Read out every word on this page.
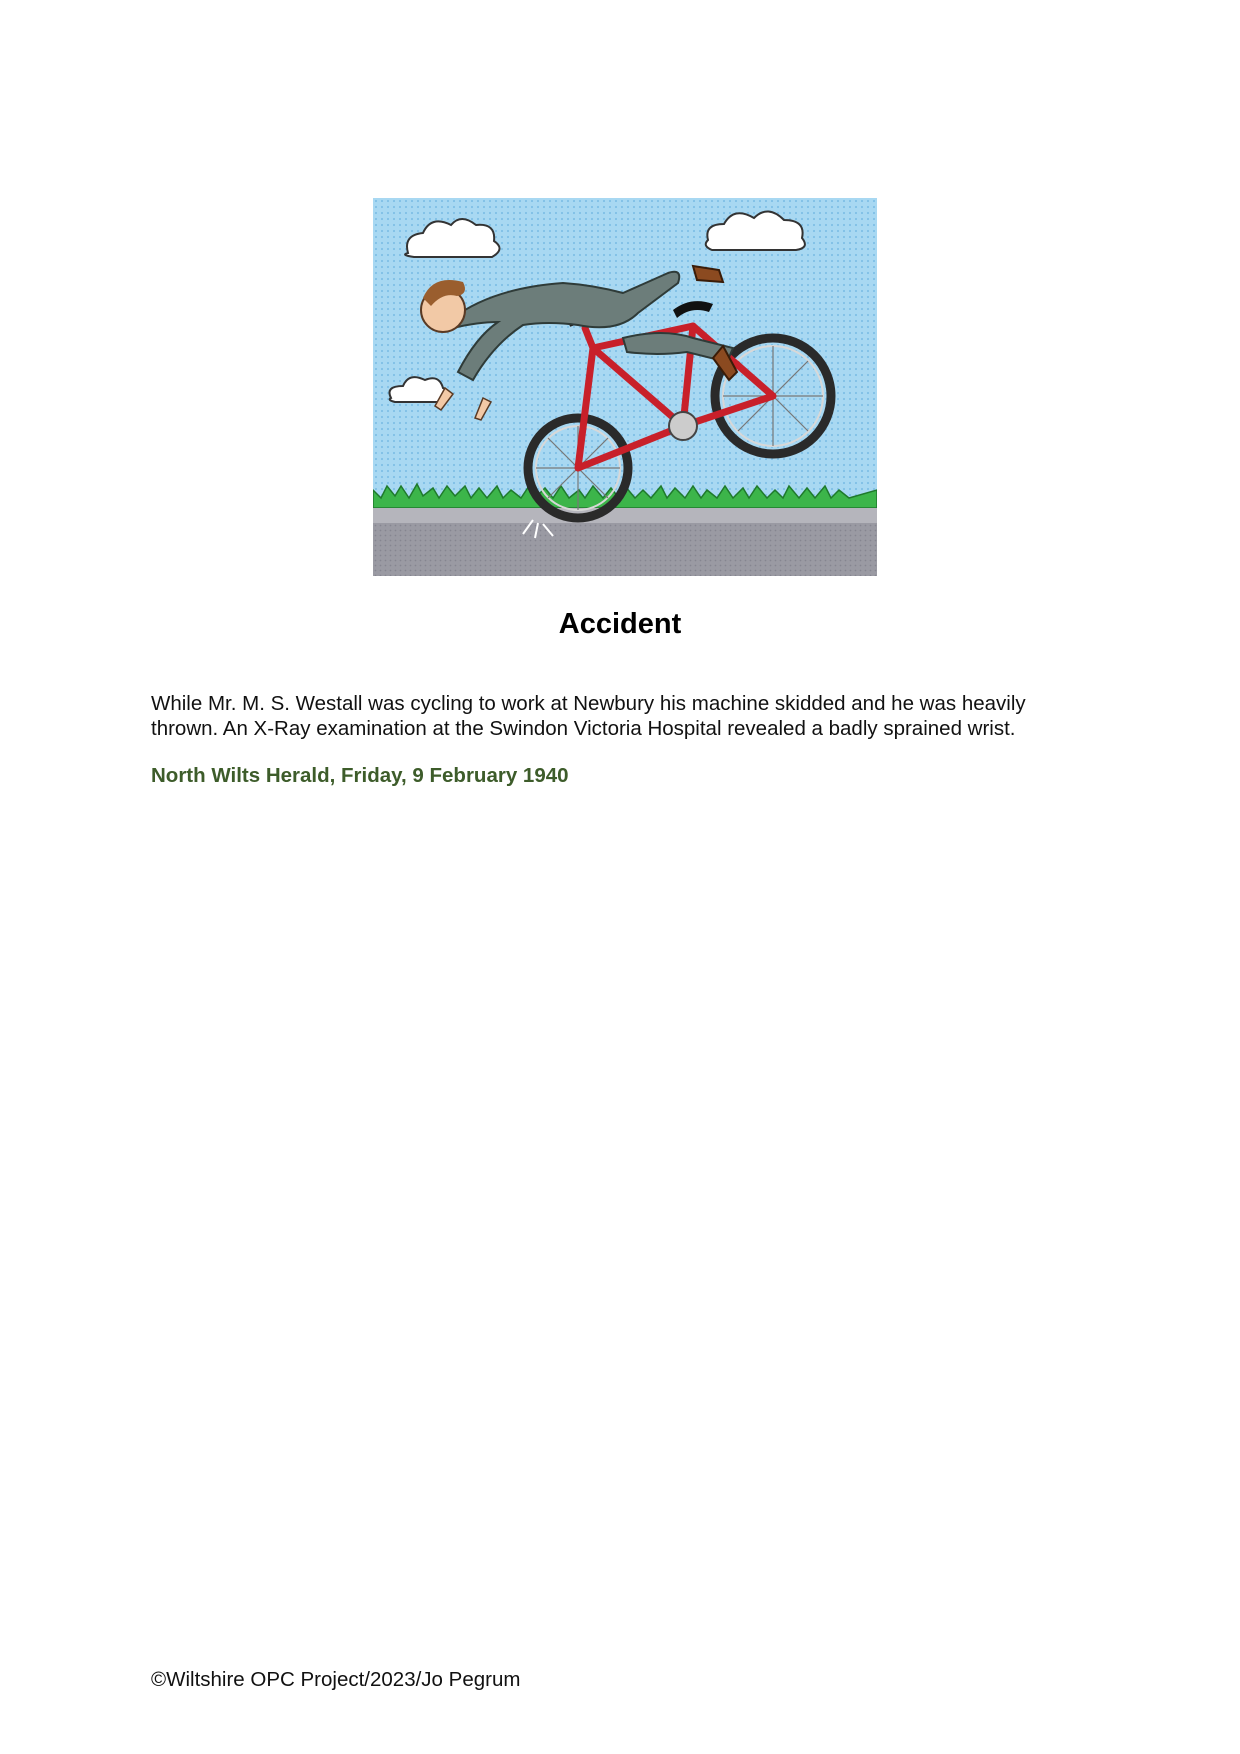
Accident
While Mr. M. S. Westall was cycling to work at Newbury his machine skidded and he was heavily thrown. An X-Ray examination at the Swindon Victoria Hospital revealed a badly sprained wrist.
North Wilts Herald, Friday, 9 February 1940
©Wiltshire OPC Project/2023/Jo Pegrum
